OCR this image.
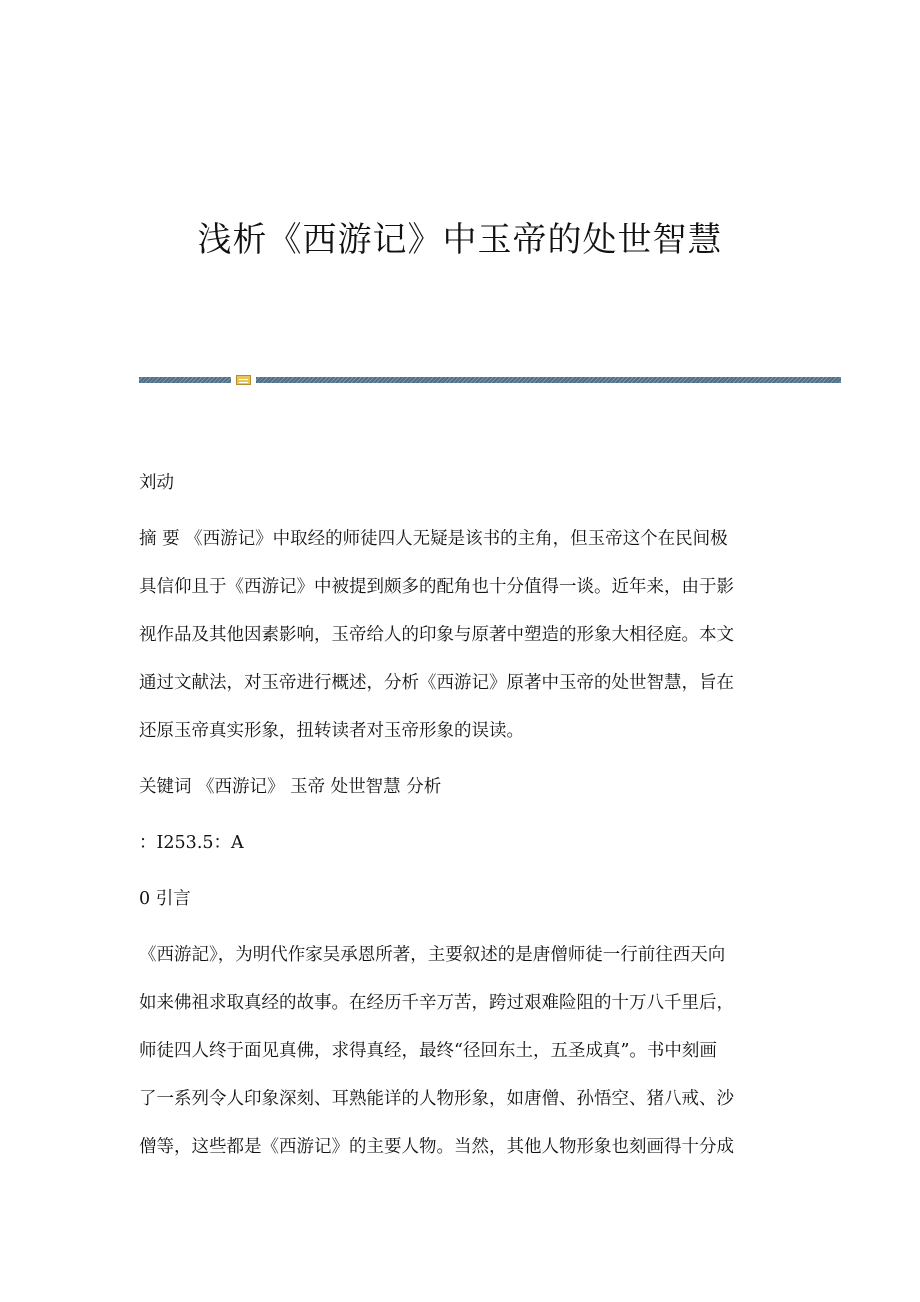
浅析《西游记》中玉帝的处世智慧

刘动

摘 要 《西游记》中取经的师徒四人无疑是该书的主角，但玉帝这个在民间极

具信仰且于《西游记》中被提到颇多的配角也十分值得一谈。近年来，由于影

视作品及其他因素影响，玉帝给人的印象与原著中塑造的形象大相径庭。本文

通过文献法，对玉帝进行概述，分析《西游记》原著中玉帝的处世智慧，旨在

还原玉帝真实形象，扭转读者对玉帝形象的误读。

关键词 《西游记》 玉帝 处世智慧 分析

：I253.5：A

0 引言

《西游記》，为明代作家吴承恩所著，主要叙述的是唐僧师徒一行前往西天向

如来佛祖求取真经的故事。在经历千辛万苦，跨过艰难险阻的十万八千里后，

师徒四人终于面见真佛，求得真经，最终“径回东土，五圣成真”。书中刻画

了一系列令人印象深刻、耳熟能详的人物形象，如唐僧、孙悟空、猪八戒、沙

僧等，这些都是《西游记》的主要人物。当然，其他人物形象也刻画得十分成
